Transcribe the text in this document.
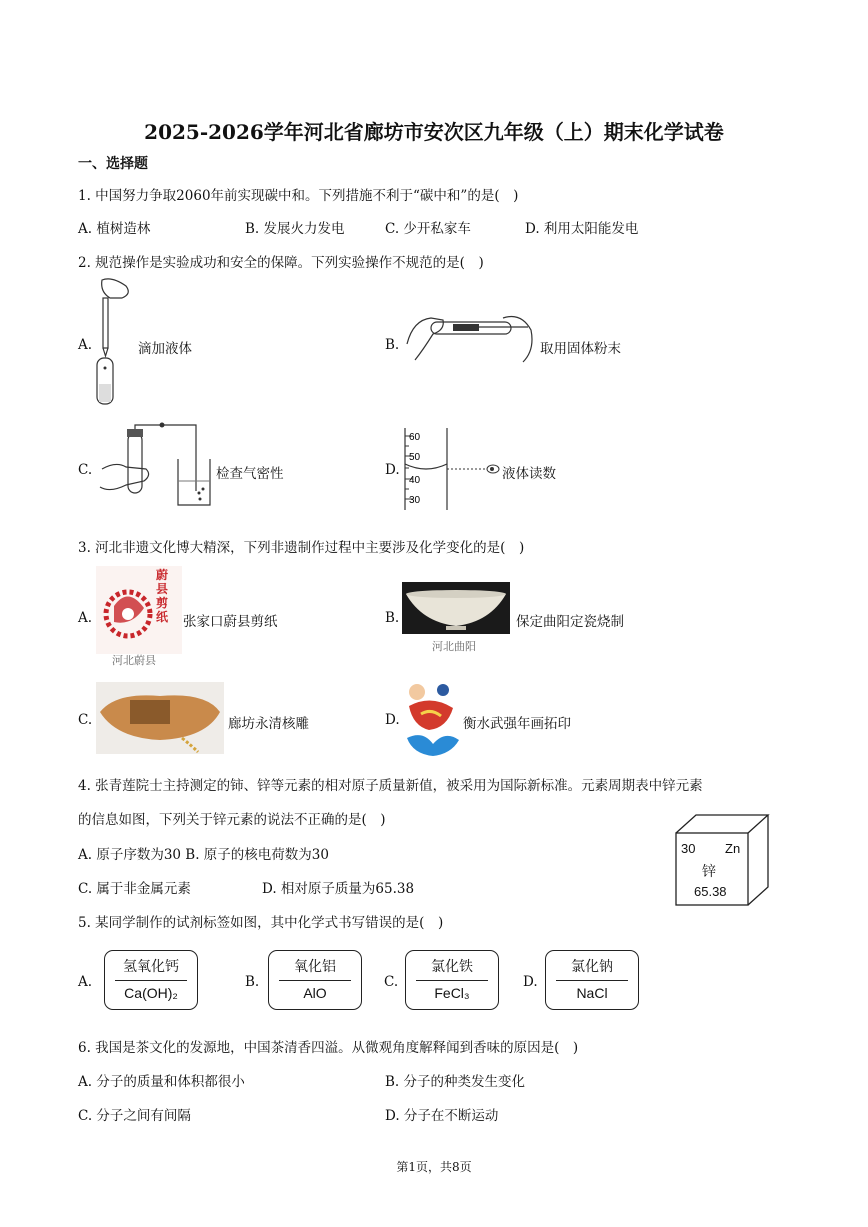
2025-2026学年河北省廊坊市安次区九年级（上）期末化学试卷
一、选择题
1. 中国努力争取2060年前实现碳中和。下列措施不利于“碳中和”的是(　)
A. 植树造林	B. 发展火力发电	C. 少开私家车	D. 利用太阳能发电
2. 规范操作是实验成功和安全的保障。下列实验操作不规范的是(　)
A.	滴加液体	B.	取用固体粉末
C.	检查气密性	D.
60
50
40
30
液体读数
3. 河北非遗文化博大精深，下列非遗制作过程中主要涉及化学变化的是(　)
A.
蔚县剪纸
河北蔚县
张家口蔚县剪纸	B.
河北曲阳
保定曲阳定瓷烧制
C.	廊坊永清核雕	D.	衡水武强年画拓印
4. 张青莲院士主持测定的铈、锌等元素的相对原子质量新值，被采用为国际新标准。元素周期表中锌元素
的信息如图，下列关于锌元素的说法不正确的是(　)
A. 原子序数为30 B. 原子的核电荷数为30
C. 属于非金属元素	D. 相对原子质量为65.38
30 Zn
锌
65.38
5. 某同学制作的试剂标签如图，其中化学式书写错误的是(　)
A.
氢氧化钙
Ca(OH)₂
B.
氧化铝
AlO
C.
氯化铁
FeCl₃
D.
氯化钠
NaCl
6. 我国是茶文化的发源地，中国茶清香四溢。从微观角度解释闻到香味的原因是(　)
A. 分子的质量和体积都很小	B. 分子的种类发生变化
C. 分子之间有间隔	D. 分子在不断运动
第1页，共8页
